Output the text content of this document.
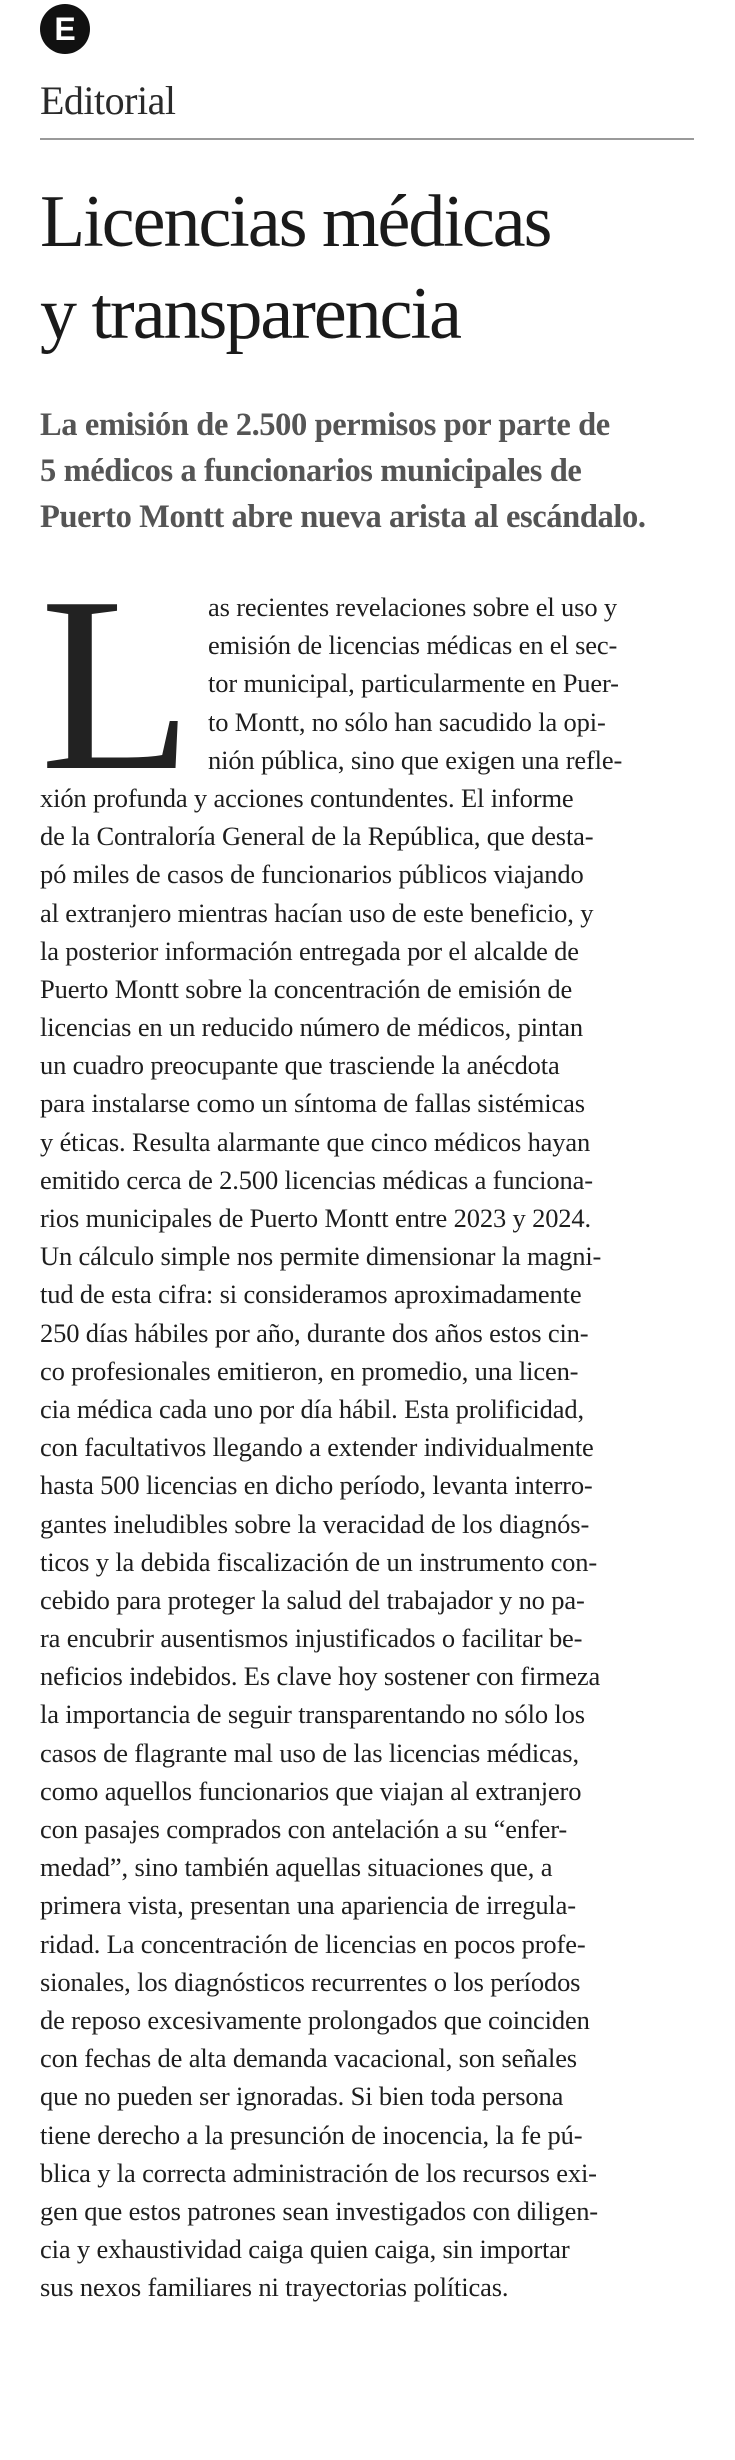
E
Editorial
Licencias médicas
y transparencia
La emisión de 2.500 permisos por parte de
5 médicos a funcionarios municipales de
Puerto Montt abre nueva arista al escándalo.
L as recientes revelaciones sobre el uso y
emisión de licencias médicas en el sec-
tor municipal, particularmente en Puer-
to Montt, no sólo han sacudido la opi-
nión pública, sino que exigen una refle-
xión profunda y acciones contundentes. El informe
de la Contraloría General de la República, que destа-
pó miles de casos de funcionarios públicos viajando
al extranjero mientras hacían uso de este beneficio, y
la posterior información entregada por el alcalde de
Puerto Montt sobre la concentración de emisión de
licencias en un reducido número de médicos, pintan
un cuadro preocupante que trasciende la anécdota
para instalarse como un síntoma de fallas sistémicas
y éticas. Resulta alarmante que cinco médicos hayan
emitido cerca de 2.500 licencias médicas a funciona-
rios municipales de Puerto Montt entre 2023 y 2024.
Un cálculo simple nos permite dimensionar la magni-
tud de esta cifra: si consideramos aproximadamente
250 días hábiles por año, durante dos años estos cin-
co profesionales emitieron, en promedio, una licen-
cia médica cada uno por día hábil. Esta prolificidad,
con facultativos llegando a extender individualmente
hasta 500 licencias en dicho período, levanta interro-
gantes ineludibles sobre la veracidad de los diagnós-
ticos y la debida fiscalización de un instrumento con-
cebido para proteger la salud del trabajador y no pa-
ra encubrir ausentismos injustificados o facilitar be-
neficios indebidos. Es clave hoy sostener con firmeza
la importancia de seguir transparentando no sólo los
casos de flagrante mal uso de las licencias médicas,
como aquellos funcionarios que viajan al extranjero
con pasajes comprados con antelación a su “enfer-
medad”, sino también aquellas situaciones que, a
primera vista, presentan una apariencia de irregula-
ridad. La concentración de licencias en pocos profe-
sionales, los diagnósticos recurrentes o los períodos
de reposo excesivamente prolongados que coinciden
con fechas de alta demanda vacacional, son señales
que no pueden ser ignoradas. Si bien toda persona
tiene derecho a la presunción de inocencia, la fe pú-
blica y la correcta administración de los recursos exi-
gen que estos patrones sean investigados con diligen-
cia y exhaustividad caiga quien caiga, sin importar
sus nexos familiares ni trayectorias políticas.
